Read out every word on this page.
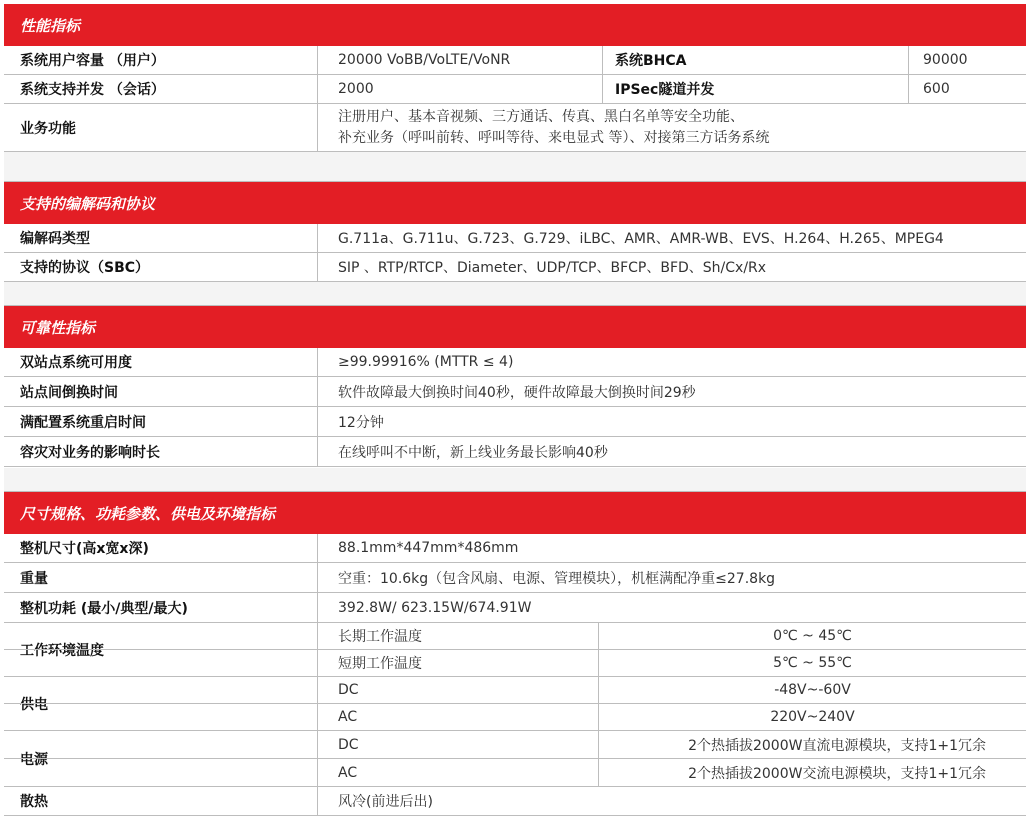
性能指标
系统用户容量 （用户）	20000 VoBB/VoLTE/VoNR	系统BHCA	90000
系统支持并发 （会话）	2000	IPSec隧道并发	600
业务功能
注册用户、基本音视频、三方通话、传真、黑白名单等安全功能、
补充业务（呼叫前转、呼叫等待、来电显式 等）、对接第三方话务系统
支持的编解码和协议
编解码类型	G.711a、G.711u、G.723、G.729、iLBC、AMR、AMR-WB、EVS、H.264、H.265、MPEG4
支持的协议（SBC）	SIP 、RTP/RTCP、Diameter、UDP/TCP、BFCP、BFD、Sh/Cx/Rx
可靠性指标
双站点系统可用度	≥99.99916% (MTTR ≤ 4)
站点间倒换时间	软件故障最大倒换时间40秒，硬件故障最大倒换时间29秒
满配置系统重启时间	12分钟
容灾对业务的影响时长	在线呼叫不中断，新上线业务最长影响40秒
尺寸规格、功耗参数、供电及环境指标
整机尺寸(高x宽x深)	88.1mm*447mm*486mm
重量	空重：10.6kg（包含风扇、电源、管理模块），机框满配净重≤27.8kg
整机功耗 (最小/典型/最大)	392.8W/ 623.15W/674.91W
工作环境温度
长期工作温度	0℃ ~ 45℃
短期工作温度	5℃ ~ 55℃
供电
DC	-48V~-60V
AC	220V~240V
电源
DC	2个热插拔2000W直流电源模块，支持1+1冗余
AC	2个热插拔2000W交流电源模块，支持1+1冗余
散热	风冷(前进后出)
